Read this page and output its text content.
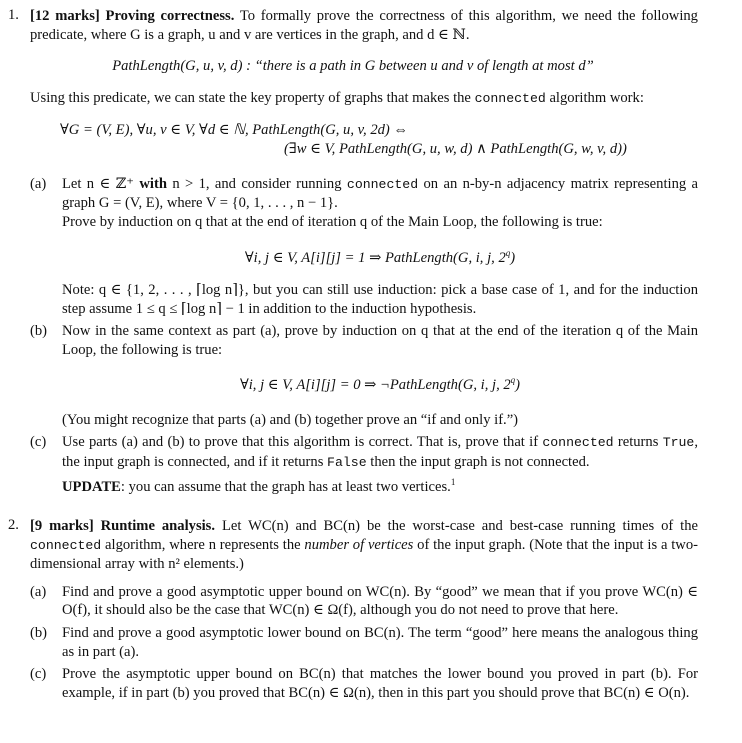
1. [12 marks] Proving correctness. To formally prove the correctness of this algorithm, we need the following predicate, where G is a graph, u and v are vertices in the graph, and d ∈ ℕ.
PathLength(G, u, v, d) : “there is a path in G between u and v of length at most d”
Using this predicate, we can state the key property of graphs that makes the connected algorithm work:
∀G = (V, E), ∀u, v ∈ V, ∀d ∈ ℕ, PathLength(G, u, v, 2d) ⇔
(∃w ∈ V, PathLength(G, u, w, d) ∧ PathLength(G, w, v, d))
(a) Let n ∈ ℤ⁺ with n > 1, and consider running connected on an n-by-n adjacency matrix representing a graph G = (V, E), where V = {0, 1, . . . , n − 1}.
Prove by induction on q that at the end of iteration q of the Main Loop, the following is true:
∀i, j ∈ V, A[i][j] = 1 ⇒ PathLength(G, i, j, 2$^q$)
Note: q ∈ {1, 2, . . . , ⌈log n⌉}, but you can still use induction: pick a base case of 1, and for the induction step assume 1 ≤ q ≤ ⌈log n⌉ − 1 in addition to the induction hypothesis.
(b) Now in the same context as part (a), prove by induction on q that at the end of the iteration q of the Main Loop, the following is true:
∀i, j ∈ V, A[i][j] = 0 ⇒ ¬PathLength(G, i, j, 2$^q$)
(You might recognize that parts (a) and (b) together prove an “if and only if.”)
(c) Use parts (a) and (b) to prove that this algorithm is correct. That is, prove that if connected returns True, the input graph is connected, and if it returns False then the input graph is not connected.
UPDATE: you can assume that the graph has at least two vertices.$^1$
2. [9 marks] Runtime analysis. Let WC(n) and BC(n) be the worst-case and best-case running times of the connected algorithm, where n represents the number of vertices of the input graph. (Note that the input is a two-dimensional array with n² elements.)
(a) Find and prove a good asymptotic upper bound on WC(n). By “good” we mean that if you prove WC(n) ∈ O(f), it should also be the case that WC(n) ∈ Ω(f), although you do not need to prove that here.
(b) Find and prove a good asymptotic lower bound on BC(n). The term “good” here means the analogous thing as in part (a).
(c) Prove the asymptotic upper bound on BC(n) that matches the lower bound you proved in part (b). For example, if in part (b) you proved that BC(n) ∈ Ω(n), then in this part you should prove that BC(n) ∈ O(n).
